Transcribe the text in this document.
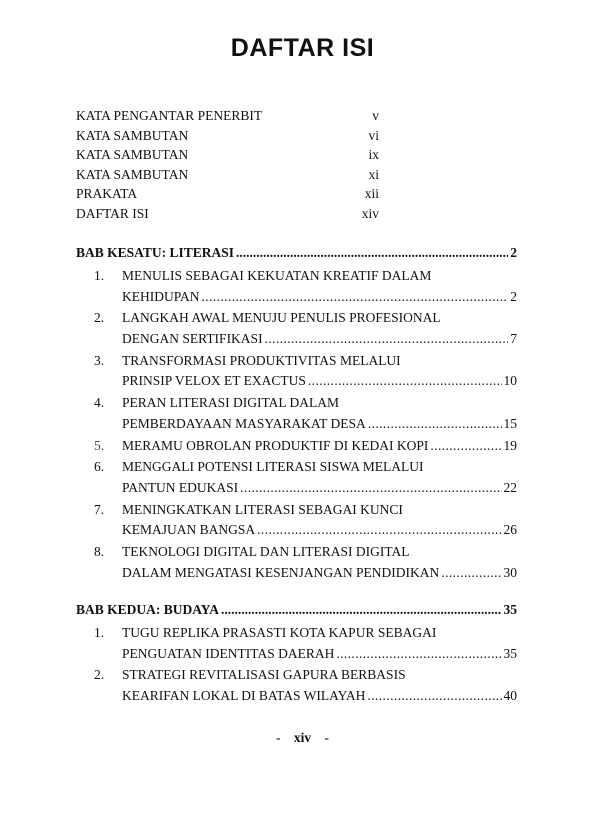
DAFTAR ISI
KATA PENGANTAR PENERBIT	v
KATA SAMBUTAN	vi
KATA SAMBUTAN	ix
KATA SAMBUTAN	xi
PRAKATA	xii
DAFTAR ISI	xiv
BAB KESATU: LITERASI .....	2
1.	MENULIS SEBAGAI KEKUATAN KREATIF DALAM
KEHIDUPAN .....	2
2.	LANGKAH AWAL MENUJU PENULIS PROFESIONAL
DENGAN SERTIFIKASI .....	7
3.	TRANSFORMASI PRODUKTIVITAS MELALUI
PRINSIP VELOX ET EXACTUS .....	10
4.	PERAN LITERASI DIGITAL DALAM
PEMBERDAYAAN MASYARAKAT DESA .....	15
5.	MERAMU OBROLAN PRODUKTIF DI KEDAI KOPI .....	19
6.	MENGGALI POTENSI LITERASI SISWA MELALUI
PANTUN EDUKASI .....	22
7.	MENINGKATKAN LITERASI SEBAGAI KUNCI
KEMAJUAN BANGSA .....	26
8.	TEKNOLOGI DIGITAL DAN LITERASI DIGITAL
DALAM MENGATASI KESENJANGAN PENDIDIKAN .....	30
BAB KEDUA: BUDAYA .....	35
1.	TUGU REPLIKA PRASASTI KOTA KAPUR SEBAGAI
PENGUATAN IDENTITAS DAERAH .....	35
2.	STRATEGI REVITALISASI GAPURA BERBASIS
KEARIFAN LOKAL DI BATAS WILAYAH .....	40
- xiv -
